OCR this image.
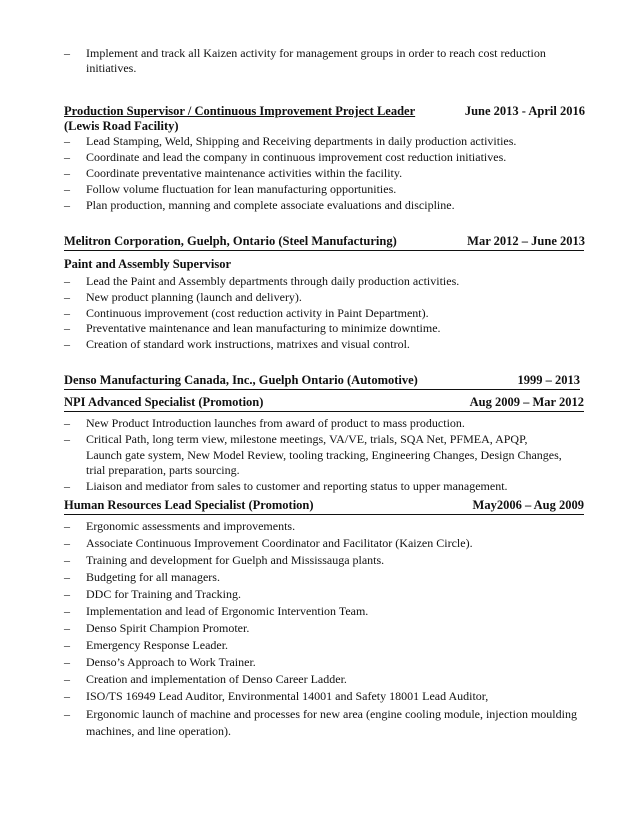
– Implement and track all Kaizen activity for management groups in order to reach cost reduction initiatives.
Production Supervisor / Continuous Improvement Project Leader	June 2013 - April 2016
(Lewis Road Facility)
– Lead Stamping, Weld, Shipping and Receiving departments in daily production activities.
– Coordinate and lead the company in continuous improvement cost reduction initiatives.
– Coordinate preventative maintenance activities within the facility.
– Follow volume fluctuation for lean manufacturing opportunities.
– Plan production, manning and complete associate evaluations and discipline.
Melitron Corporation, Guelph, Ontario (Steel Manufacturing)	Mar 2012 – June 2013
Paint and Assembly Supervisor
– Lead the Paint and Assembly departments through daily production activities.
– New product planning (launch and delivery).
– Continuous improvement (cost reduction activity in Paint Department).
– Preventative maintenance and lean manufacturing to minimize downtime.
– Creation of standard work instructions, matrixes and visual control.
Denso Manufacturing Canada, Inc., Guelph Ontario (Automotive)	1999 – 2013
NPI Advanced Specialist (Promotion)	Aug 2009 – Mar 2012
– New Product Introduction launches from award of product to mass production.
– Critical Path, long term view, milestone meetings, VA/VE, trials, SQA Net, PFMEA, APQP,
Launch gate system, New Model Review, tooling tracking, Engineering Changes, Design Changes,
trial preparation, parts sourcing.
– Liaison and mediator from sales to customer and reporting status to upper management.
Human Resources Lead Specialist (Promotion)	May2006 – Aug 2009
– Ergonomic assessments and improvements.
– Associate Continuous Improvement Coordinator and Facilitator (Kaizen Circle).
– Training and development for Guelph and Mississauga plants.
– Budgeting for all managers.
– DDC for Training and Tracking.
– Implementation and lead of Ergonomic Intervention Team.
– Denso Spirit Champion Promoter.
– Emergency Response Leader.
– Denso’s Approach to Work Trainer.
– Creation and implementation of Denso Career Ladder.
– ISO/TS 16949 Lead Auditor, Environmental 14001 and Safety 18001 Lead Auditor,
– Ergonomic launch of machine and processes for new area (engine cooling module, injection moulding machines, and line operation).
